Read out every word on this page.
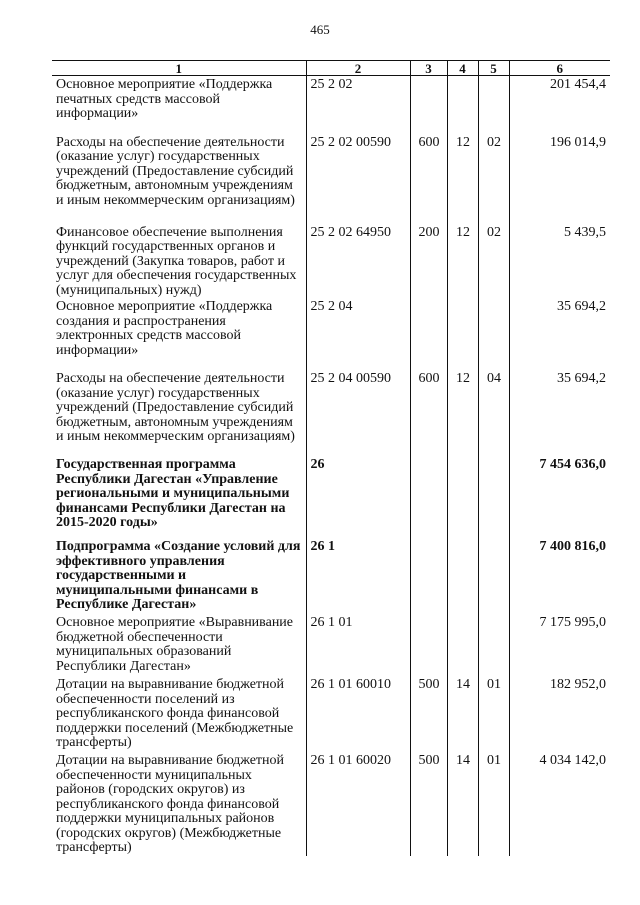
465
1	2	3	4	5	6
Основное мероприятие «Поддержка печатных средств массовой информации»	25 2 02				201 454,4
Расходы на обеспечение деятельности (оказание услуг) государственных учреждений (Предоставление субсидий бюджетным, автономным учреждениям и иным некоммерческим организациям)	25 2 02 00590	600	12	02	196 014,9
Финансовое обеспечение выполнения функций государственных органов и учреждений (Закупка товаров, работ и услуг для обеспечения государственных (муниципальных) нужд)	25 2 02 64950	200	12	02	5 439,5
Основное мероприятие «Поддержка создания и распространения электронных средств массовой информации»	25 2 04				35 694,2
Расходы на обеспечение деятельности (оказание услуг) государственных учреждений (Предоставление субсидий бюджетным, автономным учреждениям и иным некоммерческим организациям)	25 2 04 00590	600	12	04	35 694,2
Государственная программа Республики Дагестан «Управление региональными и муниципальными финансами Республики Дагестан на 2015-2020 годы»	26				7 454 636,0
Подпрограмма «Создание условий для эффективного управления государственными и муниципальными финансами в Республике Дагестан»	26 1				7 400 816,0
Основное мероприятие «Выравнивание бюджетной обеспеченности муниципальных образований Республики Дагестан»	26 1 01				7 175 995,0
Дотации на выравнивание бюджетной обеспеченности поселений из республиканского фонда финансовой поддержки поселений (Межбюджетные трансферты)	26 1 01 60010	500	14	01	182 952,0
Дотации на выравнивание бюджетной обеспеченности муниципальных районов (городских округов) из республиканского фонда финансовой поддержки муниципальных районов (городских округов) (Межбюджетные трансферты)	26 1 01 60020	500	14	01	4 034 142,0
